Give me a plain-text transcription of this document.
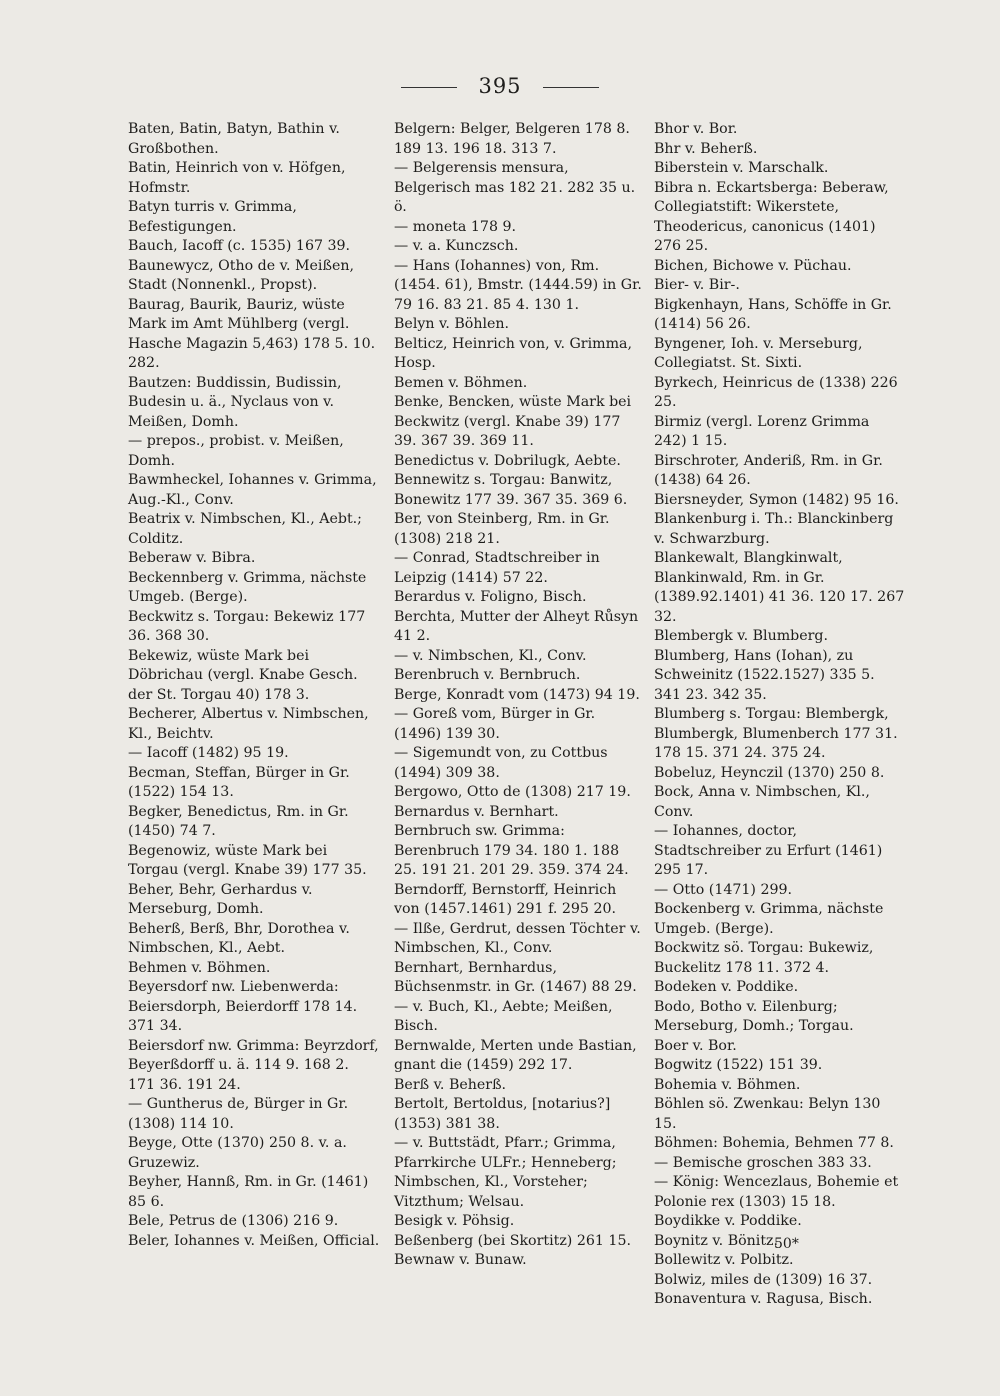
395
Baten, Batin, Batyn, Bathin v. Großbothen.
Batin, Heinrich von v. Höfgen, Hofmstr.
Batyn turris v. Grimma, Befestigungen.
Bauch, Iacoff (c. 1535) 167 39.
Baunewycz, Otho de v. Meißen, Stadt (Nonnenkl., Propst).
Baurag, Baurik, Bauriz, wüste Mark im Amt Mühlberg (vergl. Hasche Magazin 5,463) 178 5. 10. 282.
Bautzen: Buddissin, Budissin, Budesin u. ä., Nyclaus von v. Meißen, Domh.
— prepos., probist. v. Meißen, Domh.
Bawmheckel, Iohannes v. Grimma, Aug.-Kl., Conv.
Beatrix v. Nimbschen, Kl., Aebt.; Colditz.
Beberaw v. Bibra.
Beckennberg v. Grimma, nächste Umgeb. (Berge).
Beckwitz s. Torgau: Bekewiz 177 36. 368 30.
Bekewiz, wüste Mark bei Döbrichau (vergl. Knabe Gesch. der St. Torgau 40) 178 3.
Becherer, Albertus v. Nimbschen, Kl., Beichtv.
— Iacoff (1482) 95 19.
Becman, Steffan, Bürger in Gr. (1522) 154 13.
Begker, Benedictus, Rm. in Gr. (1450) 74 7.
Begenowiz, wüste Mark bei Torgau (vergl. Knabe 39) 177 35.
Beher, Behr, Gerhardus v. Merseburg, Domh.
Beherß, Berß, Bhr, Dorothea v. Nimbschen, Kl., Aebt.
Behmen v. Böhmen.
Beyersdorf nw. Liebenwerda: Beiersdorph, Beierdorff 178 14. 371 34.
Beiersdorf nw. Grimma: Beyrzdorf, Beyerßdorff u. ä. 114 9. 168 2. 171 36. 191 24.
— Guntherus de, Bürger in Gr. (1308) 114 10.
Beyge, Otte (1370) 250 8. v. a. Gruzewiz.
Beyher, Hannß, Rm. in Gr. (1461) 85 6.
Bele, Petrus de (1306) 216 9.
Beler, Iohannes v. Meißen, Official.
Belgern: Belger, Belgeren 178 8. 189 13. 196 18. 313 7.
— Belgerensis mensura, Belgerisch mas 182 21. 282 35 u. ö.
— moneta 178 9.
— v. a. Kunczsch.
— Hans (Iohannes) von, Rm. (1454. 61), Bmstr. (1444.59) in Gr. 79 16. 83 21. 85 4. 130 1.
Belyn v. Böhlen.
Belticz, Heinrich von, v. Grimma, Hosp.
Bemen v. Böhmen.
Benke, Bencken, wüste Mark bei Beckwitz (vergl. Knabe 39) 177 39. 367 39. 369 11.
Benedictus v. Dobrilugk, Aebte.
Bennewitz s. Torgau: Banwitz, Bonewitz 177 39. 367 35. 369 6.
Ber, von Steinberg, Rm. in Gr. (1308) 218 21.
— Conrad, Stadtschreiber in Leipzig (1414) 57 22.
Berardus v. Foligno, Bisch.
Berchta, Mutter der Alheyt Růsyn 41 2.
— v. Nimbschen, Kl., Conv.
Berenbruch v. Bernbruch.
Berge, Konradt vom (1473) 94 19.
— Goreß vom, Bürger in Gr. (1496) 139 30.
— Sigemundt von, zu Cottbus (1494) 309 38.
Bergowo, Otto de (1308) 217 19.
Bernardus v. Bernhart.
Bernbruch sw. Grimma: Berenbruch 179 34. 180 1. 188 25. 191 21. 201 29. 359. 374 24.
Berndorff, Bernstorff, Heinrich von (1457.1461) 291 f. 295 20.
— Ilße, Gerdrut, dessen Töchter v. Nimbschen, Kl., Conv.
Bernhart, Bernhardus, Büchsenmstr. in Gr. (1467) 88 29.
— v. Buch, Kl., Aebte; Meißen, Bisch.
Bernwalde, Merten unde Bastian, gnant die (1459) 292 17.
Berß v. Beherß.
Bertolt, Bertoldus, [notarius?] (1353) 381 38.
— v. Buttstädt, Pfarr.; Grimma, Pfarrkirche ULFr.; Henneberg; Nimbschen, Kl., Vorsteher; Vitzthum; Welsau.
Besigk v. Pöhsig.
Beßenberg (bei Skortitz) 261 15.
Bewnaw v. Bunaw.
Bhor v. Bor.
Bhr v. Beherß.
Biberstein v. Marschalk.
Bibra n. Eckartsberga: Beberaw, Collegiatstift: Wikerstete, Theodericus, canonicus (1401) 276 25.
Bichen, Bichowe v. Püchau.
Bier- v. Bir-.
Bigkenhayn, Hans, Schöffe in Gr. (1414) 56 26.
Byngener, Ioh. v. Merseburg, Collegiatst. St. Sixti.
Byrkech, Heinricus de (1338) 226 25.
Birmiz (vergl. Lorenz Grimma 242) 1 15.
Birschroter, Anderiß, Rm. in Gr. (1438) 64 26.
Biersneyder, Symon (1482) 95 16.
Blankenburg i. Th.: Blanckinberg v. Schwarzburg.
Blankewalt, Blangkinwalt, Blankinwald, Rm. in Gr. (1389.92.1401) 41 36. 120 17. 267 32.
Blembergk v. Blumberg.
Blumberg, Hans (Iohan), zu Schweinitz (1522.1527) 335 5. 341 23. 342 35.
Blumberg s. Torgau: Blembergk, Blumbergk, Blumenberch 177 31. 178 15. 371 24. 375 24.
Bobeluz, Heynczil (1370) 250 8.
Bock, Anna v. Nimbschen, Kl., Conv.
— Iohannes, doctor, Stadtschreiber zu Erfurt (1461) 295 17.
— Otto (1471) 299.
Bockenberg v. Grimma, nächste Umgeb. (Berge).
Bockwitz sö. Torgau: Bukewiz, Buckelitz 178 11. 372 4.
Bodeken v. Poddike.
Bodo, Botho v. Eilenburg; Merseburg, Domh.; Torgau.
Boer v. Bor.
Bogwitz (1522) 151 39.
Bohemia v. Böhmen.
Böhlen sö. Zwenkau: Belyn 130 15.
Böhmen: Bohemia, Behmen 77 8.
— Bemische groschen 383 33.
— König: Wencezlaus, Bohemie et Polonie rex (1303) 15 18.
Boydikke v. Poddike.
Boynitz v. Bönitz.
Bollewitz v. Polbitz.
Bolwiz, miles de (1309) 16 37.
Bonaventura v. Ragusa, Bisch.
50*
